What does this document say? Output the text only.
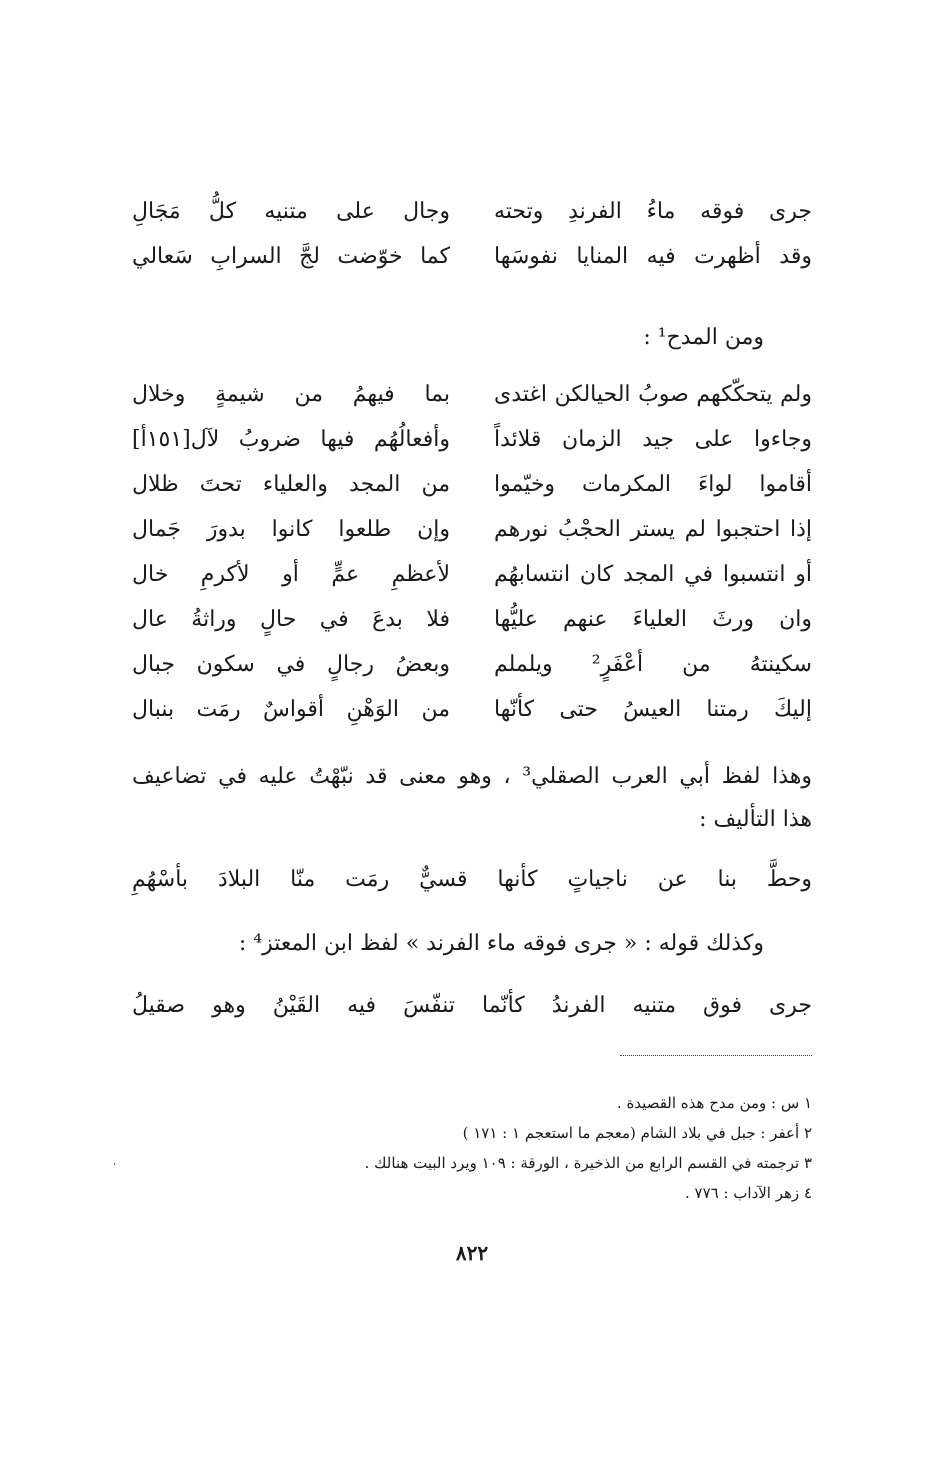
جرى فوقه ماءُ الفرندِ وتحته
وجال على متنيه كلُّ مَجَالِ
وقد أظهرت فيه المنايا نفوسَها
كما خوّضت لجَّ السرابِ سَعالي
ومن المدح¹ :
ولم يتحكّكهم صوبُ الحيالكن اغتدى
بما فيهمُ من شيمةٍ وخلال
وجاءوا على جيد الزمان قلائداً
وأفعالُهُم فيها ضروبُ لآل[١٥١أ]
أقاموا لواءَ المكرمات وخيّموا
من المجد والعلياء تحتَ ظلال
إذا احتجبوا لم يستر الحجْبُ نورهم
وإن طلعوا كانوا بدورَ جَمال
أو انتسبوا في المجد كان انتسابهُم
لأعظمِ عمٍّ أو لأكرمِ خال
وان ورثَ العلياءَ عنهم عليُّها
فلا بدعَ في حالٍ وراثةُ عال
سكينتهُ من أعْفَرٍ² ويلملم
وبعضُ رجالٍ في سكون جبال
إليكَ رمتنا العيسُ حتى كأنّها
من الوَهْنِ أقواسٌ رمَت بنبال
وهذا لفظ أبي العرب الصقلي³ ، وهو معنى قد نبّهْتُ عليه في تضاعيف
هذا التأليف :
وحطَّ بنا عن ناجياتٍ كأنها قسيٌّ رمَت منّا البلادَ بأسْهُمِ
وكذلك قوله : « جرى فوقه ماء الفرند » لفظ ابن المعتز⁴ :
جرى فوق متنيه الفرندُ كأنّما تنفّسَ فيه القَيْنُ وهو صقيلُ
١ س : ومن مدح هذه القصيدة .
٢ أعفر : جبل في بلاد الشام (معجم ما استعجم ١ : ١٧١ )
٣ ترجمته في القسم الرابع من الذخيرة ، الورقة : ١٠٩ ويرد البيت هنالك .
٤ زهر الآداب : ٧٧٦ .
٨٢٢
،
